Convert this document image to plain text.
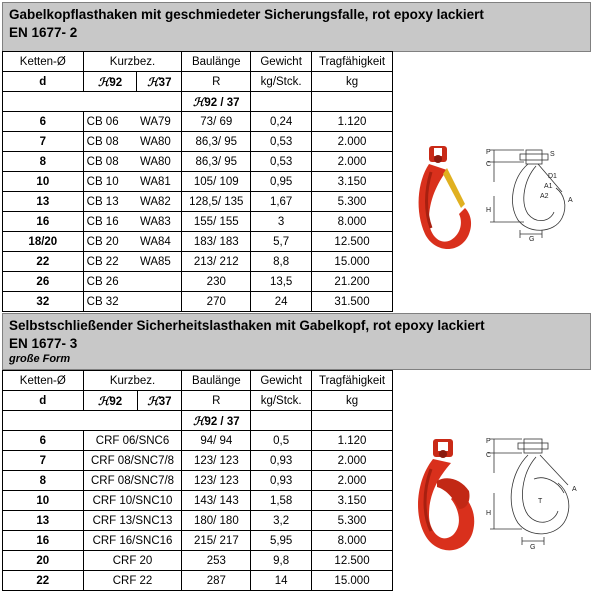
Gabelkopflasthaken mit geschmiedeter Sicherungsfalle, rot epoxy lackiert
EN 1677- 2
Ketten-Ø	Kurzbez.		Baulänge	Gewicht	Tragfähigkeit
d	ℋ92	ℋ37	R	kg/Stck.	kg
			ℋ92 / 37		
6	CB 06	WA79	73/ 69	0,24	1.120
7	CB 08	WA80	86,3/ 95	0,53	2.000
8	CB 08	WA80	86,3/ 95	0,53	2.000
10	CB 10	WA81	105/ 109	0,95	3.150
13	CB 13	WA82	128,5/ 135	1,67	5.300
16	CB 16	WA83	155/ 155	3	8.000
18/20	CB 20	WA84	183/ 183	5,7	12.500
22	CB 22	WA85	213/ 212	8,8	15.000
26	CB 26		230	13,5	21.200
32	CB 32		270	24	31.500
P
C
H
G
S
D1
A1
A2
A
Selbstschließender Sicherheitslasthaken mit Gabelkopf, rot epoxy lackiert
EN 1677- 3
große Form
Ketten-Ø	Kurzbez.		Baulänge	Gewicht	Tragfähigkeit
d	ℋ92	ℋ37	R	kg/Stck.	kg
			ℋ92 / 37		
6	CRF 06/SNC6		94/ 94	0,5	1.120
7	CRF 08/SNC7/8		123/ 123	0,93	2.000
8	CRF 08/SNC7/8		123/ 123	0,93	2.000
10	CRF 10/SNC10		143/ 143	1,58	3.150
13	CRF 13/SNC13		180/ 180	3,2	5.300
16	CRF 16/SNC16		215/ 217	5,95	8.000
20	CRF 20		253	9,8	12.500
22	CRF 22		287	14	15.000
P
C
A
T
H
G
